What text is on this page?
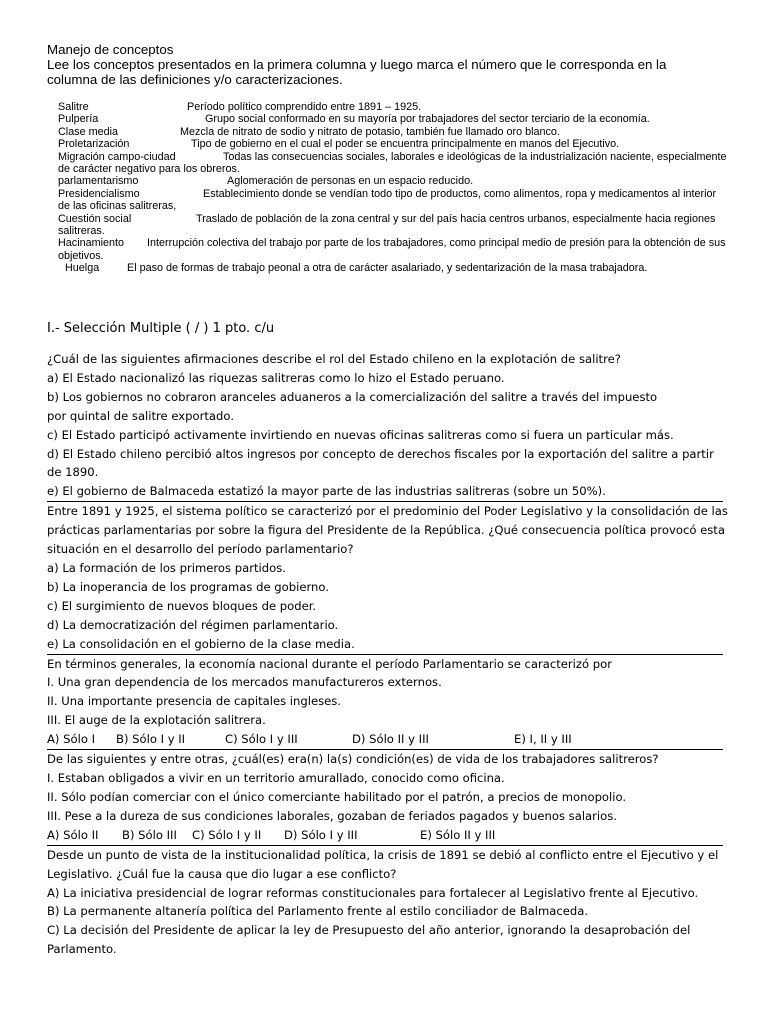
Manejo de conceptos
Lee los conceptos presentados en la primera columna y luego marca el número que le corresponda en la
columna de las definiciones y/o caracterizaciones.
Salitre	Período político comprendido entre 1891 – 1925.
Pulpería	Grupo social conformado en su mayoría por trabajadores del sector terciario de la economía.
Clase media	Mezcla de nitrato de sodio y nitrato de potasio, también fue llamado oro blanco.
Proletarización	Tipo de gobierno en el cual el poder se encuentra principalmente en manos del Ejecutivo.
Migración campo-ciudad	Todas las consecuencias sociales, laborales e ideológicas de la industrialización naciente, especialmente de carácter negativo para los obreros.
parlamentarismo	Aglomeración de personas en un espacio reducido.
Presidencialismo	Establecimiento donde se vendían todo tipo de productos, como alimentos, ropa y medicamentos al interior de las oficinas salitreras,
Cuestión social	Traslado de población de la zona central y sur del país hacia centros urbanos, especialmente hacia regiones salitreras.
Hacinamiento Interrupción colectiva del trabajo por parte de los trabajadores, como principal medio de presión para la obtención de sus objetivos.
Huelga	El paso de formas de trabajo peonal a otra de carácter asalariado, y sedentarización de la masa trabajadora.
I.- Selección Multiple ( / ) 1 pto. c/u
¿Cuál de las siguientes afirmaciones describe el rol del Estado chileno en la explotación de salitre?
a) El Estado nacionalizó las riquezas salitreras como lo hizo el Estado peruano.
b) Los gobiernos no cobraron aranceles aduaneros a la comercialización del salitre a través del impuesto
por quintal de salitre exportado.
c) El Estado participó activamente invirtiendo en nuevas oficinas salitreras como si fuera un particular más.
d) El Estado chileno percibió altos ingresos por concepto de derechos fiscales por la exportación del salitre a partir
de 1890.
e) El gobierno de Balmaceda estatizó la mayor parte de las industrias salitreras (sobre un 50%).
Entre 1891 y 1925, el sistema político se caracterizó por el predominio del Poder Legislativo y la consolidación de las
prácticas parlamentarias por sobre la figura del Presidente de la República. ¿Qué consecuencia política provocó esta
situación en el desarrollo del período parlamentario?
a) La formación de los primeros partidos.
b) La inoperancia de los programas de gobierno.
c) El surgimiento de nuevos bloques de poder.
d) La democratización del régimen parlamentario.
e) La consolidación en el gobierno de la clase media.
En términos generales, la economía nacional durante el período Parlamentario se caracterizó por
I. Una gran dependencia de los mercados manufactureros externos.
II. Una importante presencia de capitales ingleses.
III. El auge de la explotación salitrera.
A) Sólo I B) Sólo I y II	C) Sólo I y III	D) Sólo II y III	E) I, II y III
De las siguientes y entre otras, ¿cuál(es) era(n) la(s) condición(es) de vida de los trabajadores salitreros?
I. Estaban obligados a vivir en un territorio amurallado, conocido como oficina.
II. Sólo podían comerciar con el único comerciante habilitado por el patrón, a precios de monopolio.
III. Pese a la dureza de sus condiciones laborales, gozaban de feriados pagados y buenos salarios.
A) Sólo II B) Sólo III C) Sólo I y II D) Sólo I y III	E) Sólo II y III
Desde un punto de vista de la institucionalidad política, la crisis de 1891 se debió al conflicto entre el Ejecutivo y el
Legislativo. ¿Cuál fue la causa que dio lugar a ese conflicto?
A) La iniciativa presidencial de lograr reformas constitucionales para fortalecer al Legislativo frente al Ejecutivo.
B) La permanente altanería política del Parlamento frente al estilo conciliador de Balmaceda.
C) La decisión del Presidente de aplicar la ley de Presupuesto del año anterior, ignorando la desaprobación del
Parlamento.
